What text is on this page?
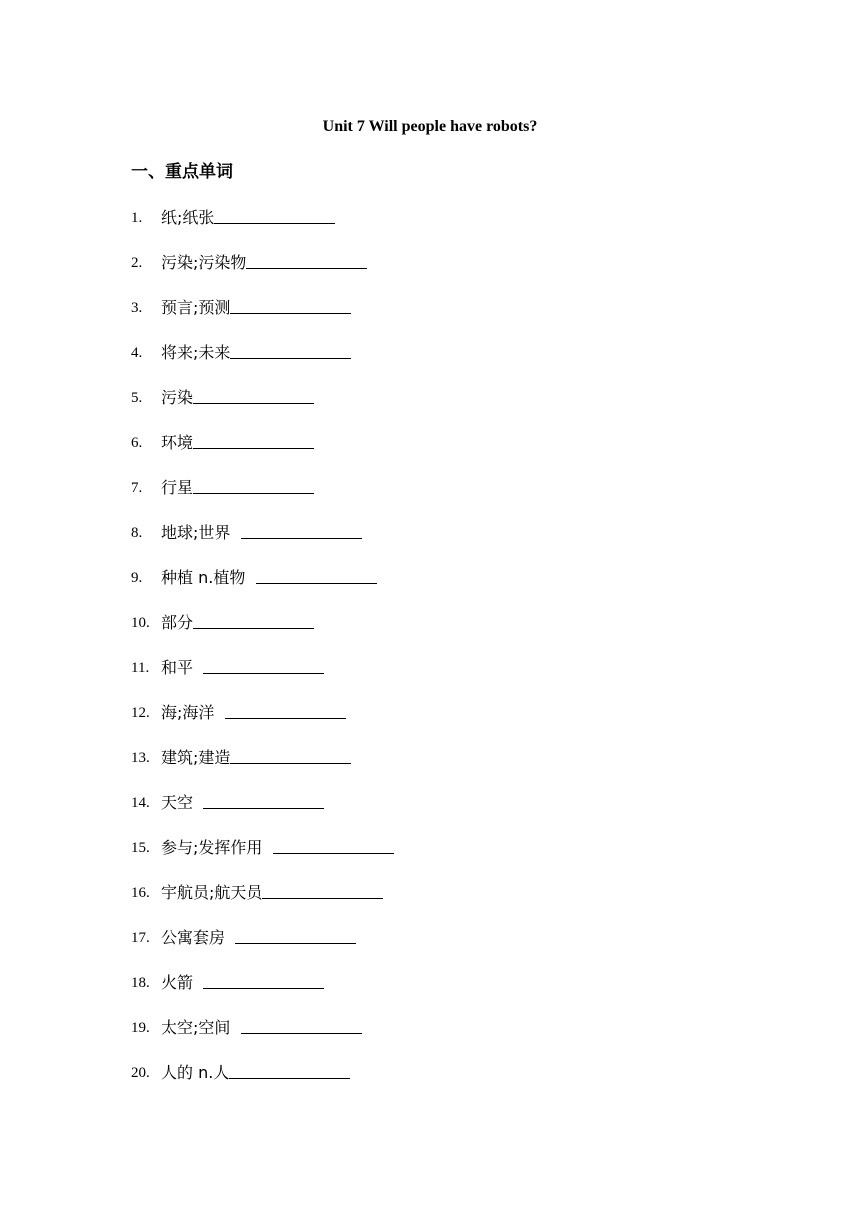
Unit 7 Will people have robots?
一、重点单词
1.	纸;纸张
2.	污染;污染物
3.	预言;预测
4.	将来;未来
5.	污染
6.	环境
7.	行星
8.	地球;世界

9.	种植 n.植物

10. 部分
11. 和平

12. 海;海洋

13. 建筑;建造
14. 天空

15. 参与;发挥作用

16. 宇航员;航天员
17. 公寓套房

18. 火箭

19. 太空;空间

20. 人的 n.人
